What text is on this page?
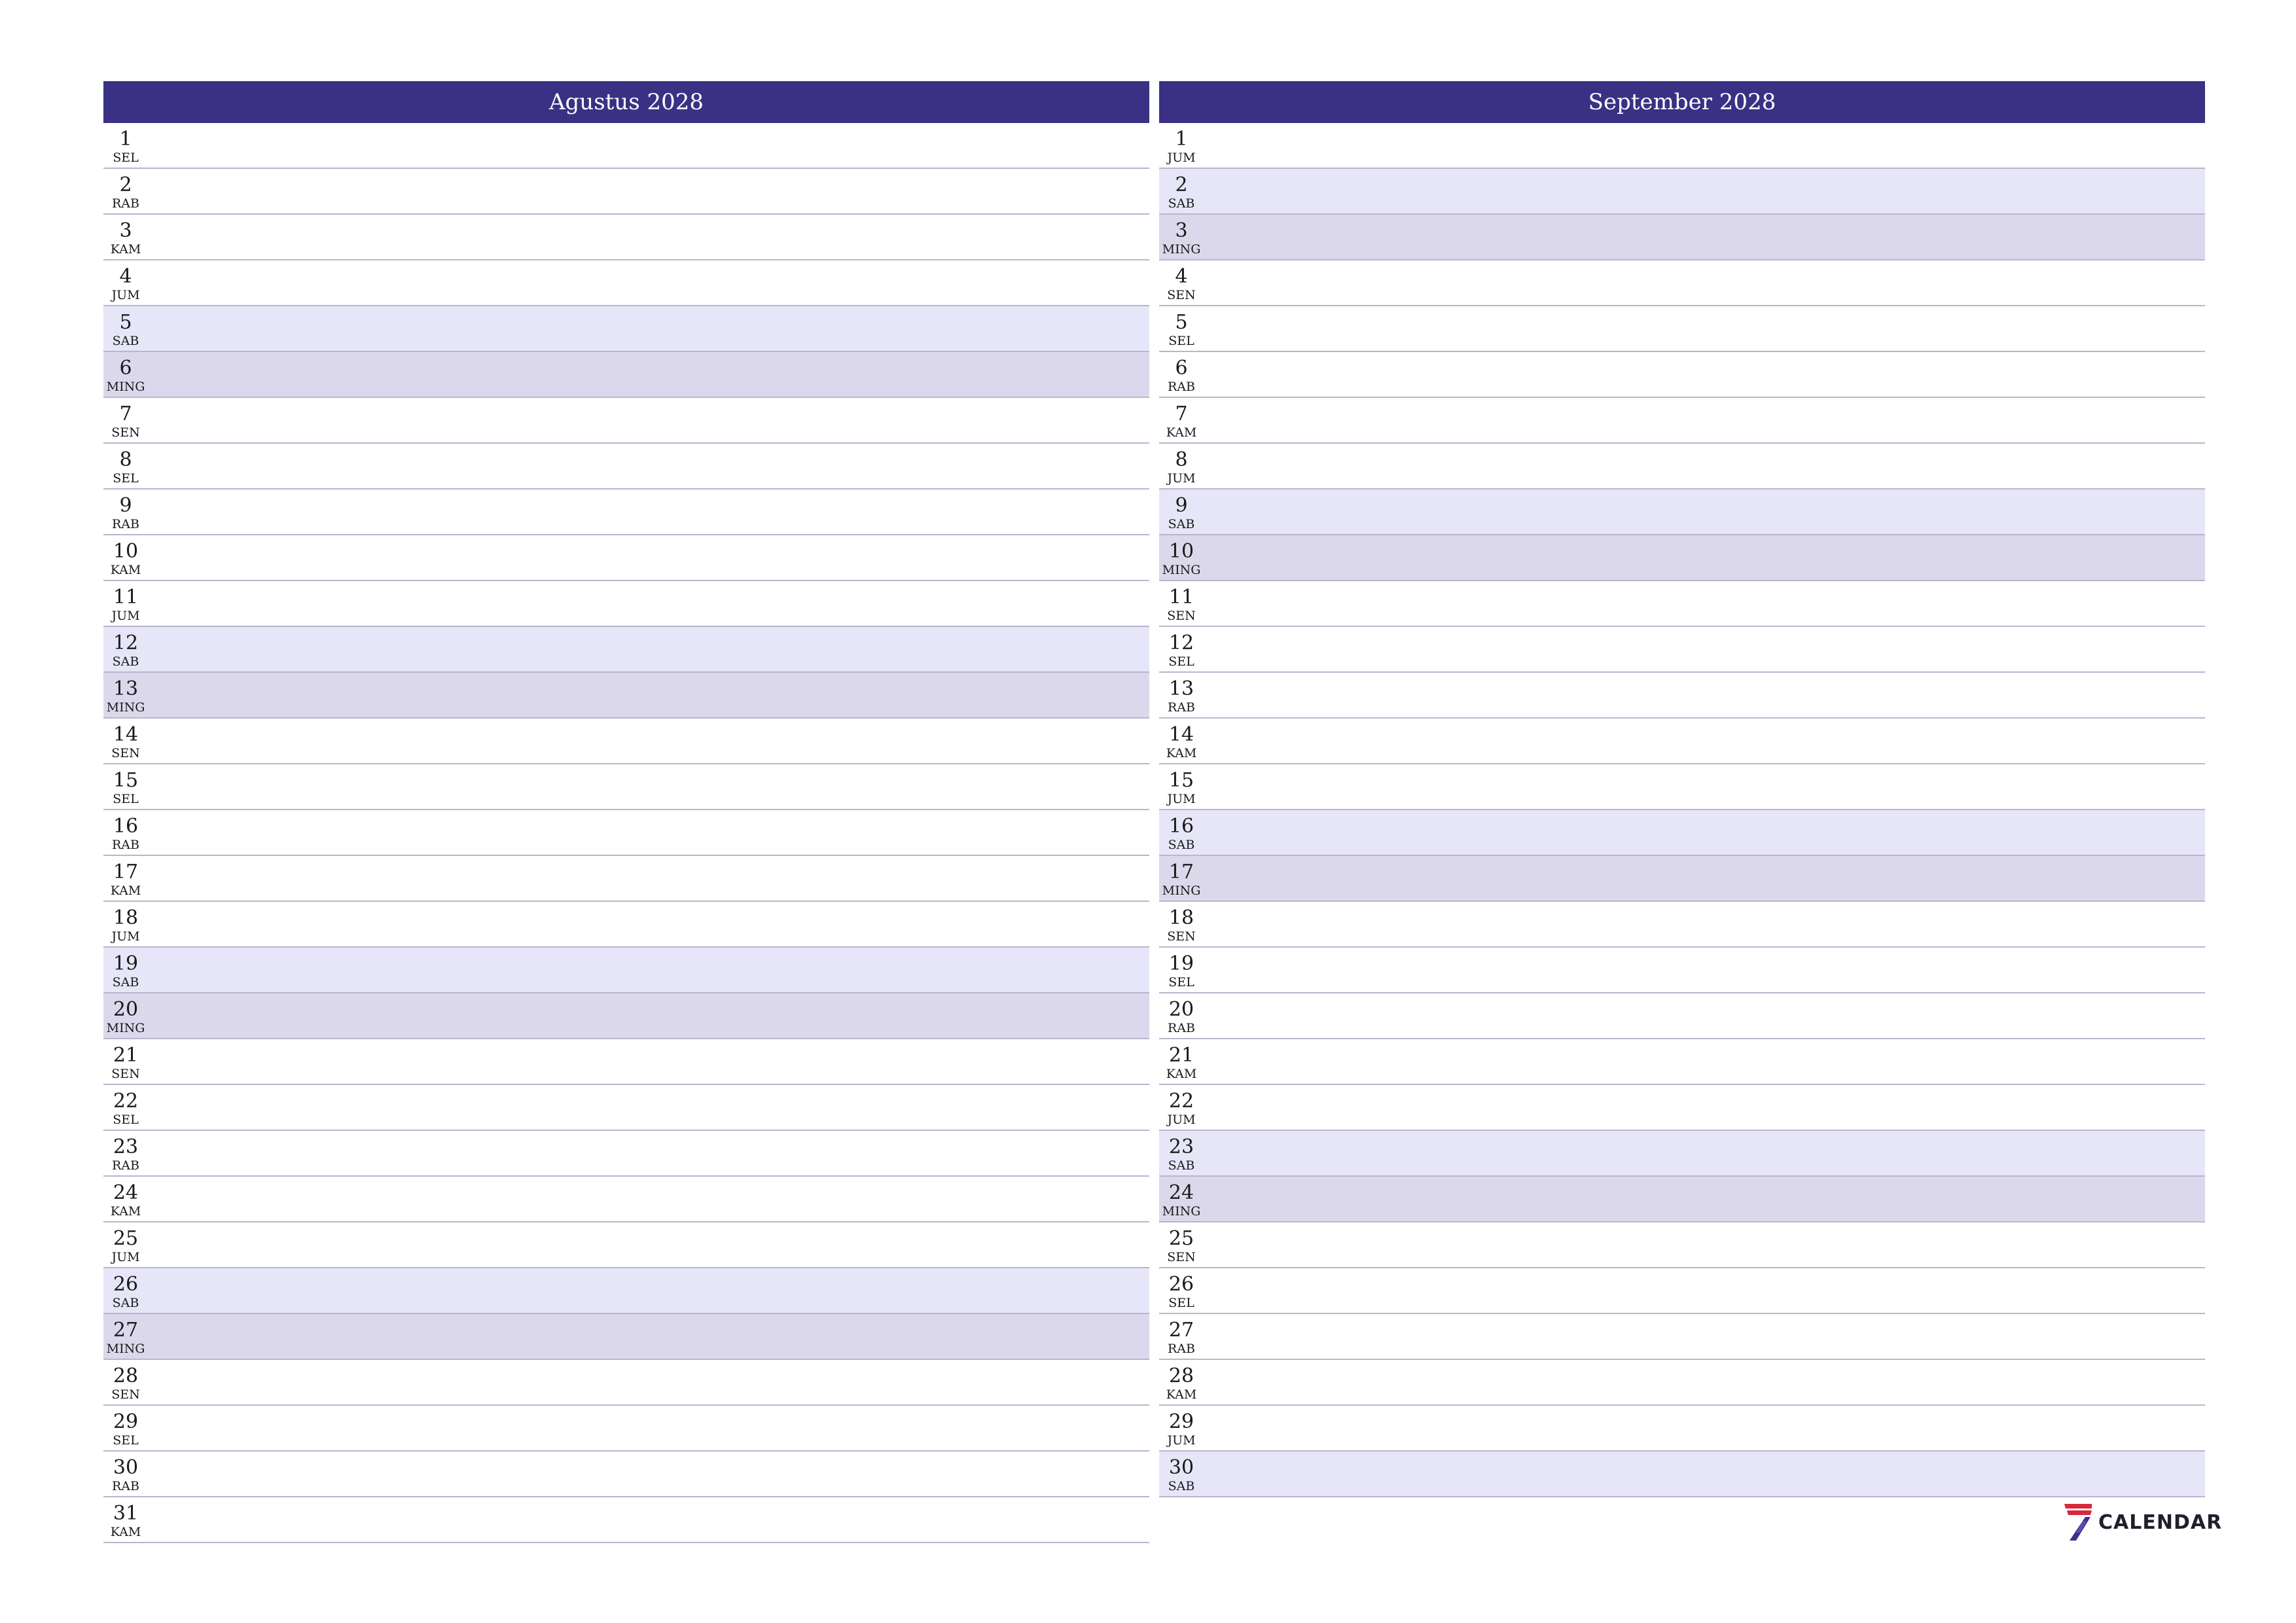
Agustus 2028
1
SEL
2
RAB
3
KAM
4
JUM
5
SAB
6
MING
7
SEN
8
SEL
9
RAB
10
KAM
11
JUM
12
SAB
13
MING
14
SEN
15
SEL
16
RAB
17
KAM
18
JUM
19
SAB
20
MING
21
SEN
22
SEL
23
RAB
24
KAM
25
JUM
26
SAB
27
MING
28
SEN
29
SEL
30
RAB
31
KAM
September 2028
1
JUM
2
SAB
3
MING
4
SEN
5
SEL
6
RAB
7
KAM
8
JUM
9
SAB
10
MING
11
SEN
12
SEL
13
RAB
14
KAM
15
JUM
16
SAB
17
MING
18
SEN
19
SEL
20
RAB
21
KAM
22
JUM
23
SAB
24
MING
25
SEN
26
SEL
27
RAB
28
KAM
29
JUM
30
SAB
CALENDAR
